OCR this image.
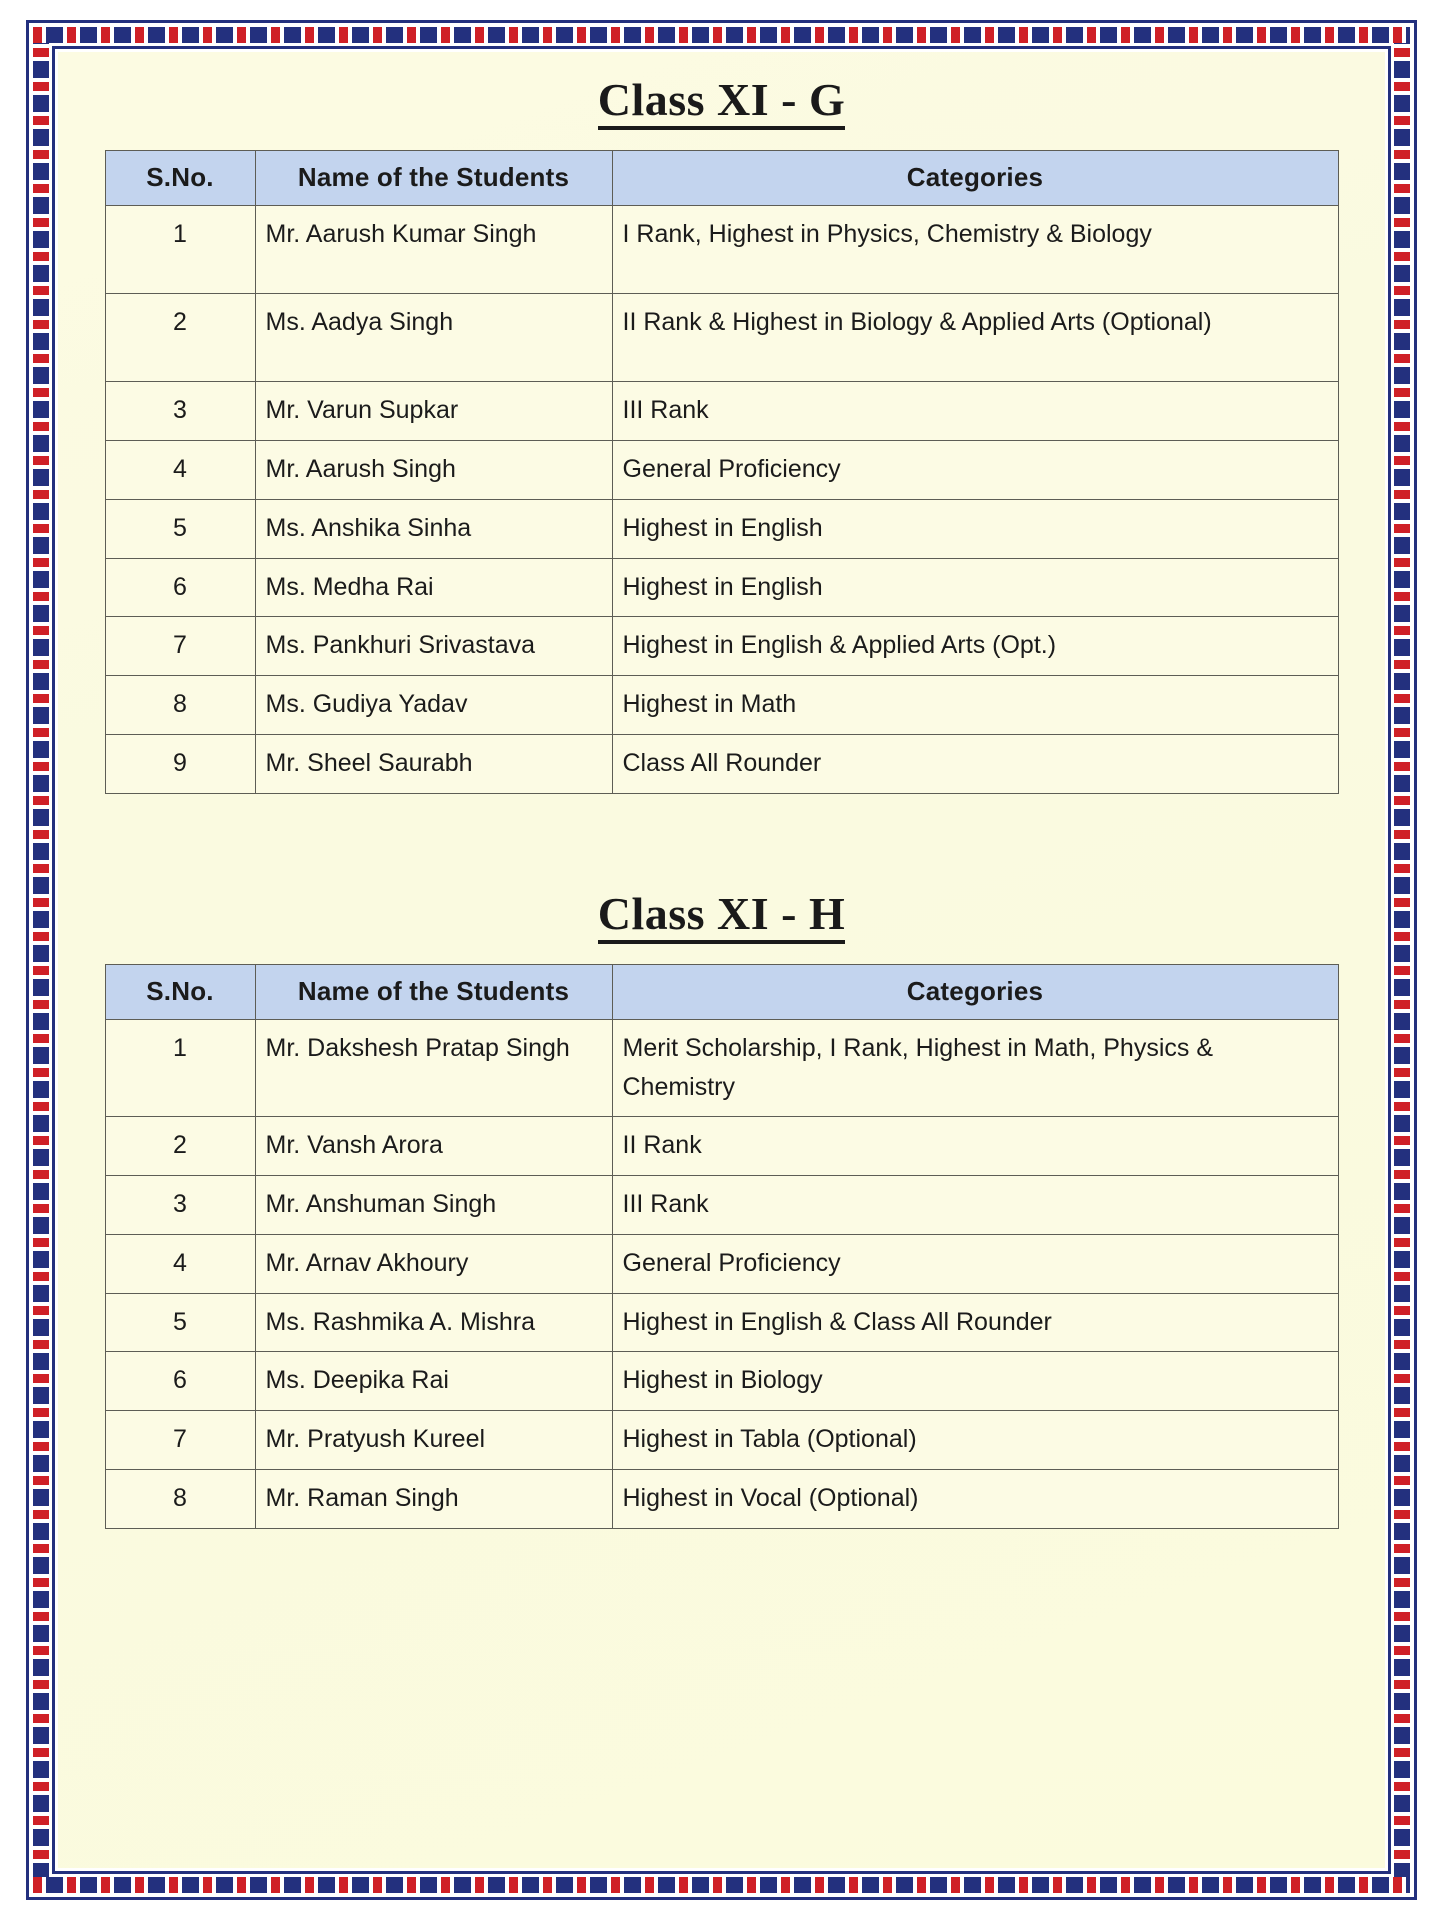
Class XI - G
S.No.	Name of the Students	Categories
1	Mr. Aarush Kumar Singh	I Rank, Highest in Physics, Chemistry & Biology
2	Ms. Aadya Singh	II Rank & Highest in Biology & Applied Arts (Optional)
3	Mr. Varun Supkar	III Rank
4	Mr. Aarush Singh	General Proficiency
5	Ms. Anshika Sinha	Highest in English
6	Ms. Medha Rai	Highest in English
7	Ms. Pankhuri Srivastava	Highest in English & Applied Arts (Opt.)
8	Ms. Gudiya Yadav	Highest in Math
9	Mr. Sheel Saurabh	Class All Rounder
Class XI - H
S.No.	Name of the Students	Categories
1	Mr. Dakshesh Pratap Singh	Merit Scholarship, I Rank, Highest in Math, Physics & Chemistry
2	Mr. Vansh Arora	II Rank
3	Mr. Anshuman Singh	III Rank
4	Mr. Arnav Akhoury	General Proficiency
5	Ms. Rashmika A. Mishra	Highest in English & Class All Rounder
6	Ms. Deepika Rai	Highest in Biology
7	Mr. Pratyush Kureel	Highest in Tabla (Optional)
8	Mr. Raman Singh	Highest in Vocal (Optional)
